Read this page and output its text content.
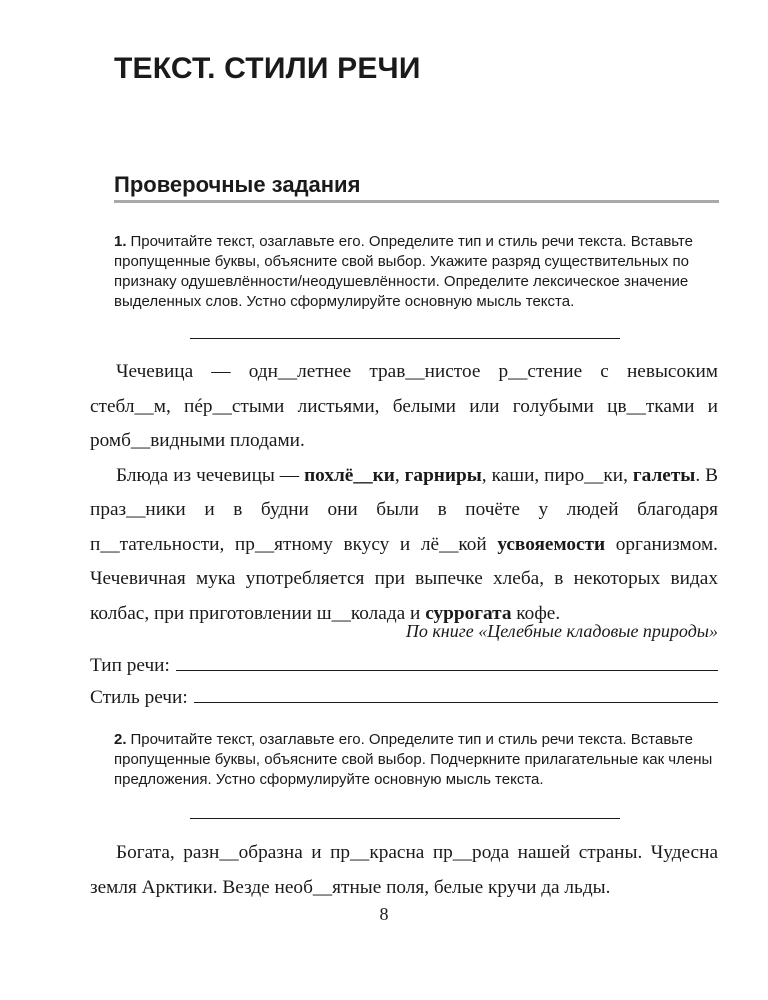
ТЕКСТ. СТИЛИ РЕЧИ
Проверочные задания
1. Прочитайте текст, озаглавьте его. Определите тип и стиль речи текста. Вставьте пропущенные буквы, объясните свой выбор. Укажите разряд существительных по признаку одушевлённости/неодушевлённости. Определите лексическое значение выделенных слов. Устно сформулируйте основную мысль текста.

Чечевица — одн__летнее трав__нистое р__стение с невысоким стебл__м, пéр__стыми листьями, белыми или голубыми цв__тками и ромб__видными плодами.

Блюда из чечевицы — похлё__ки, гарниры, каши, пиро__ки, галеты. В праз__ники и в будни они были в почёте у людей благодаря п__тательности, пр__ятному вкусу и лё__кой усвояемости организмом. Чечевичная мука употребляется при выпечке хлеба, в некоторых видах колбас, при приготовлении ш__колада и суррогата кофе.

По книге «Целебные кладовые природы»
Тип речи:
Стиль речи:
2. Прочитайте текст, озаглавьте его. Определите тип и стиль речи текста. Вставьте пропущенные буквы, объясните свой выбор. Подчеркните прилагательные как члены предложения. Устно сформулируйте основную мысль текста.

Богата, разн__образна и пр__красна пр__рода нашей страны. Чудесна земля Арктики. Везде необ__ятные поля, белые кручи да льды.

8
